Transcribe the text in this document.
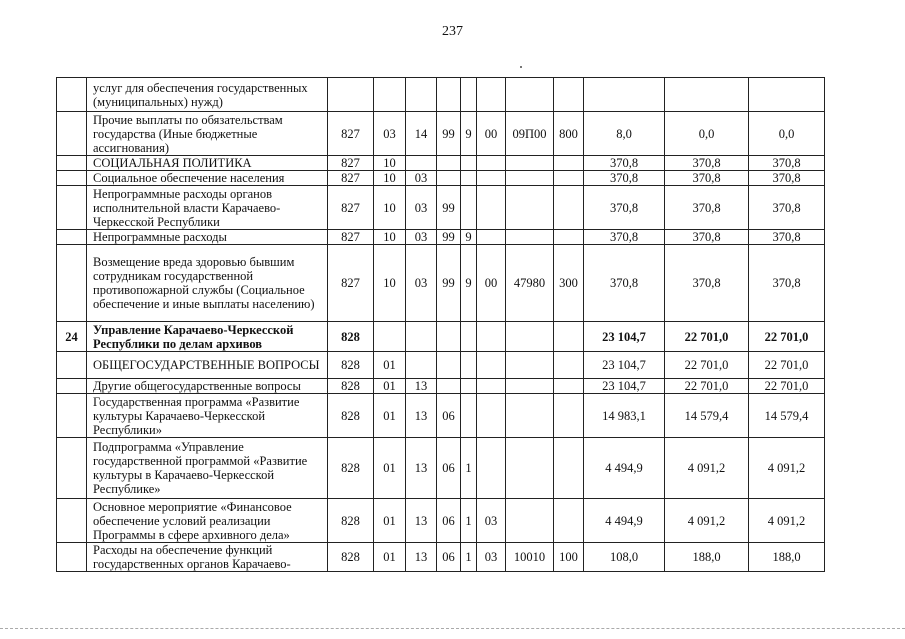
237
	услуг для обеспечения государственных (муниципальных) нужд)											
	Прочие выплаты по обязательствам государства (Иные бюджетные ассигнования)	827	03	14	99	9	00	09П00	800	8,0	0,0	0,0
	СОЦИАЛЬНАЯ ПОЛИТИКА	827	10							370,8	370,8	370,8
	Социальное обеспечение населения	827	10	03						370,8	370,8	370,8
	Непрограммные расходы органов исполнительной власти Карачаево-Черкесской Республики	827	10	03	99					370,8	370,8	370,8
	Непрограммные расходы	827	10	03	99	9				370,8	370,8	370,8
	Возмещение вреда здоровью бывшим сотрудникам государственной противопожарной службы (Социальное обеспечение и иные выплаты населению)	827	10	03	99	9	00	47980	300	370,8	370,8	370,8
24	Управление Карачаево-Черкесской Республики по делам архивов	828								23 104,7	22 701,0	22 701,0
	ОБЩЕГОСУДАРСТВЕННЫЕ ВОПРОСЫ	828	01							23 104,7	22 701,0	22 701,0
	Другие общегосударственные вопросы	828	01	13						23 104,7	22 701,0	22 701,0
	Государственная программа «Развитие культуры Карачаево-Черкесской Республики»	828	01	13	06					14 983,1	14 579,4	14 579,4
	Подпрограмма «Управление государственной программой «Развитие культуры в Карачаево-Черкесской Республике»	828	01	13	06	1				4 494,9	4 091,2	4 091,2
	Основное мероприятие «Финансовое обеспечение условий реализации Программы в сфере архивного дела»	828	01	13	06	1	03			4 494,9	4 091,2	4 091,2
	Расходы на обеспечение функций государственных органов Карачаево-	828	01	13	06	1	03	10010	100	108,0	188,0	188,0
